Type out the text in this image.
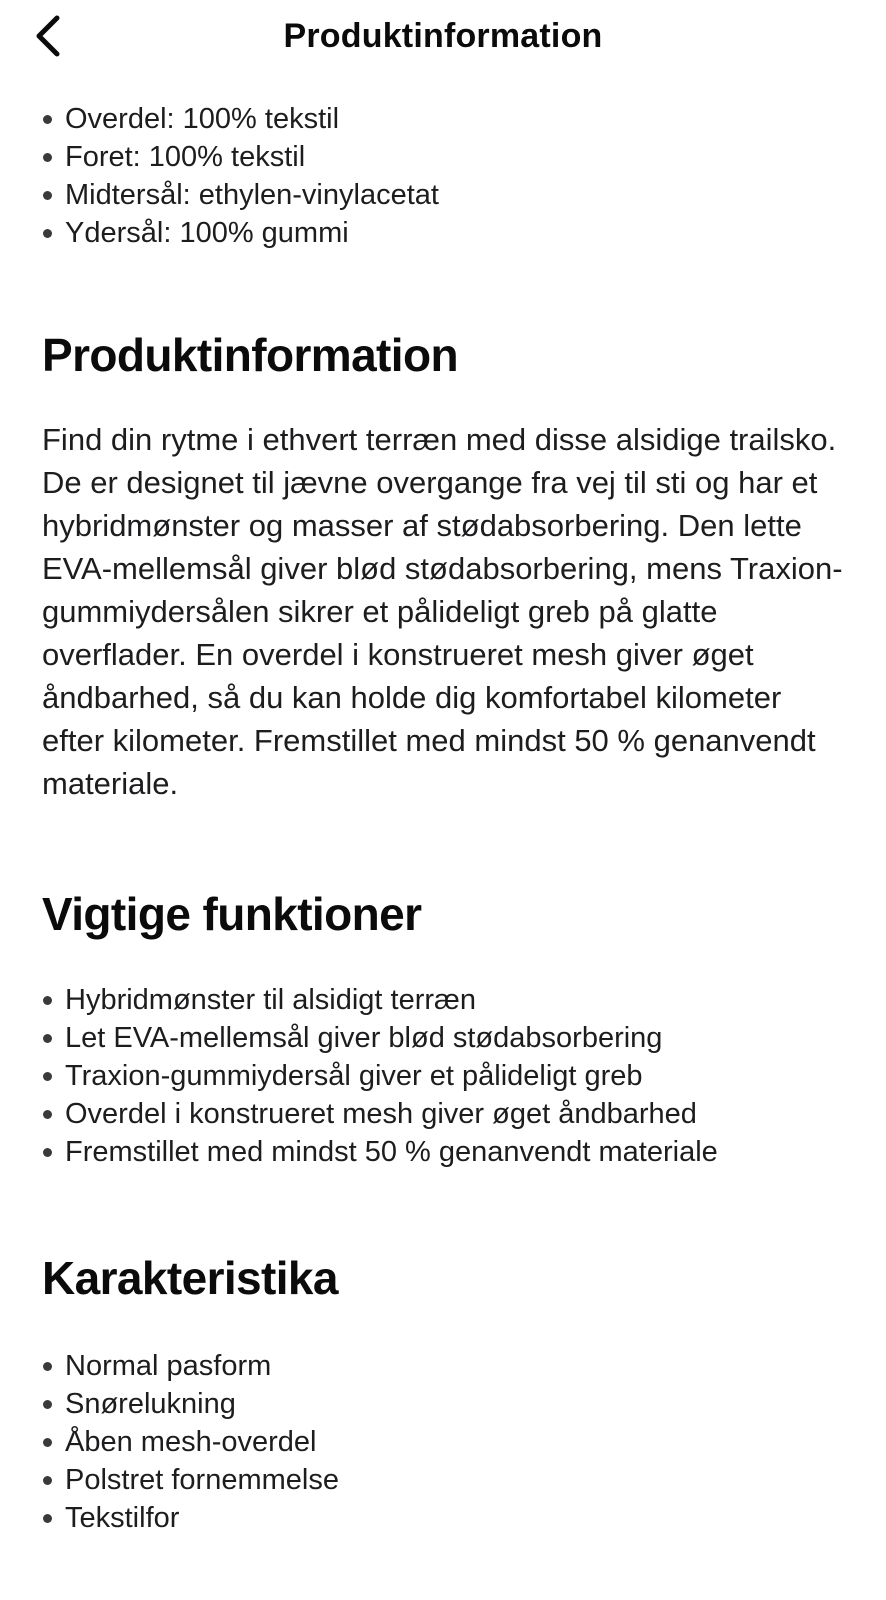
Produktinformation
Overdel: 100% tekstil
Foret: 100% tekstil
Midtersål: ethylen-vinylacetat
Ydersål: 100% gummi
Produktinformation

Find din rytme i ethvert terræn med disse alsidige trailsko. De er designet til jævne overgange fra vej til sti og har et hybridmønster og masser af stødabsorbering. Den lette EVA-mellemsål giver blød stødabsorbering, mens Traxion-gummiydersålen sikrer et pålideligt greb på glatte overflader. En overdel i konstrueret mesh giver øget åndbarhed, så du kan holde dig komfortabel kilometer efter kilometer. Fremstillet med mindst 50 % genanvendt materiale.

Vigtige funktioner
Hybridmønster til alsidigt terræn
Let EVA-mellemsål giver blød stødabsorbering
Traxion-gummiydersål giver et pålideligt greb
Overdel i konstrueret mesh giver øget åndbarhed
Fremstillet med mindst 50 % genanvendt materiale
Karakteristika
Normal pasform
Snørelukning
Åben mesh-overdel
Polstret fornemmelse
Tekstilfor
